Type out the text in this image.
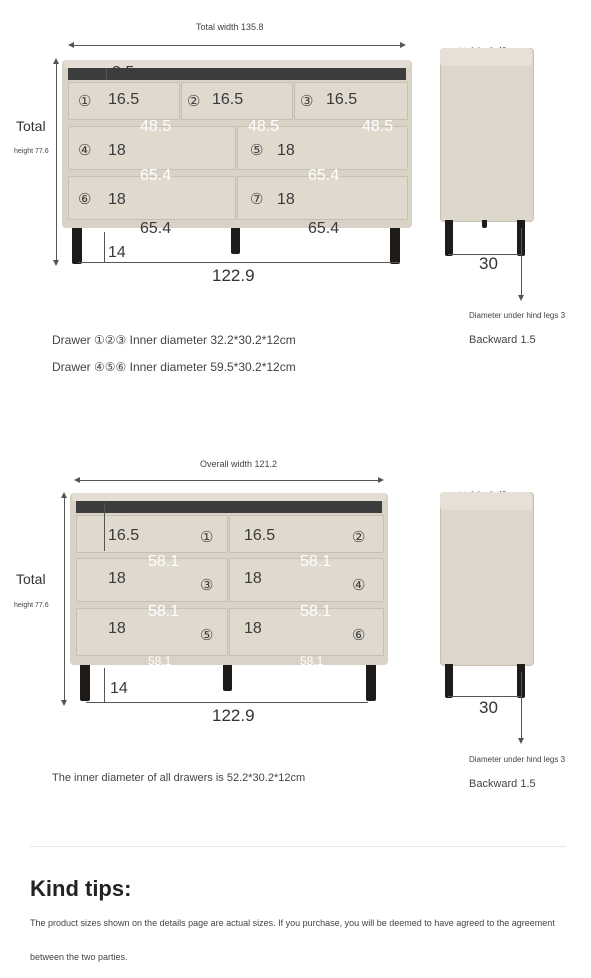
Total width 135.8
Total
height 77.6
3.5
① 16.5	② 16.5	③ 16.5
48.5	48.5	48.5
④ 18	⑤ 18
65.4	65.4
⑥ 18	⑦ 18
65.4	65.4
14
122.9
30
Diameter under hind legs 3
Backward 1.5
Drawer ①②③ Inner diameter 32.2*30.2*12cm
Drawer ④⑤⑥ Inner diameter 59.5*30.2*12cm
Overall width 121.2
Total
height 77.6
3.5
16.5	① 16.5	②
58.1	58.1
18	③ 18	④
58.1	58.1
18	⑤ 18	⑥
58.1	58.1
14
122.9	30
Diameter under hind legs 3
Backward 1.5
The inner diameter of all drawers is 52.2*30.2*12cm
Kind tips:
The product sizes shown on the details page are actual sizes. If you purchase, you will be deemed to have agreed to the agreement
between the two parties.
